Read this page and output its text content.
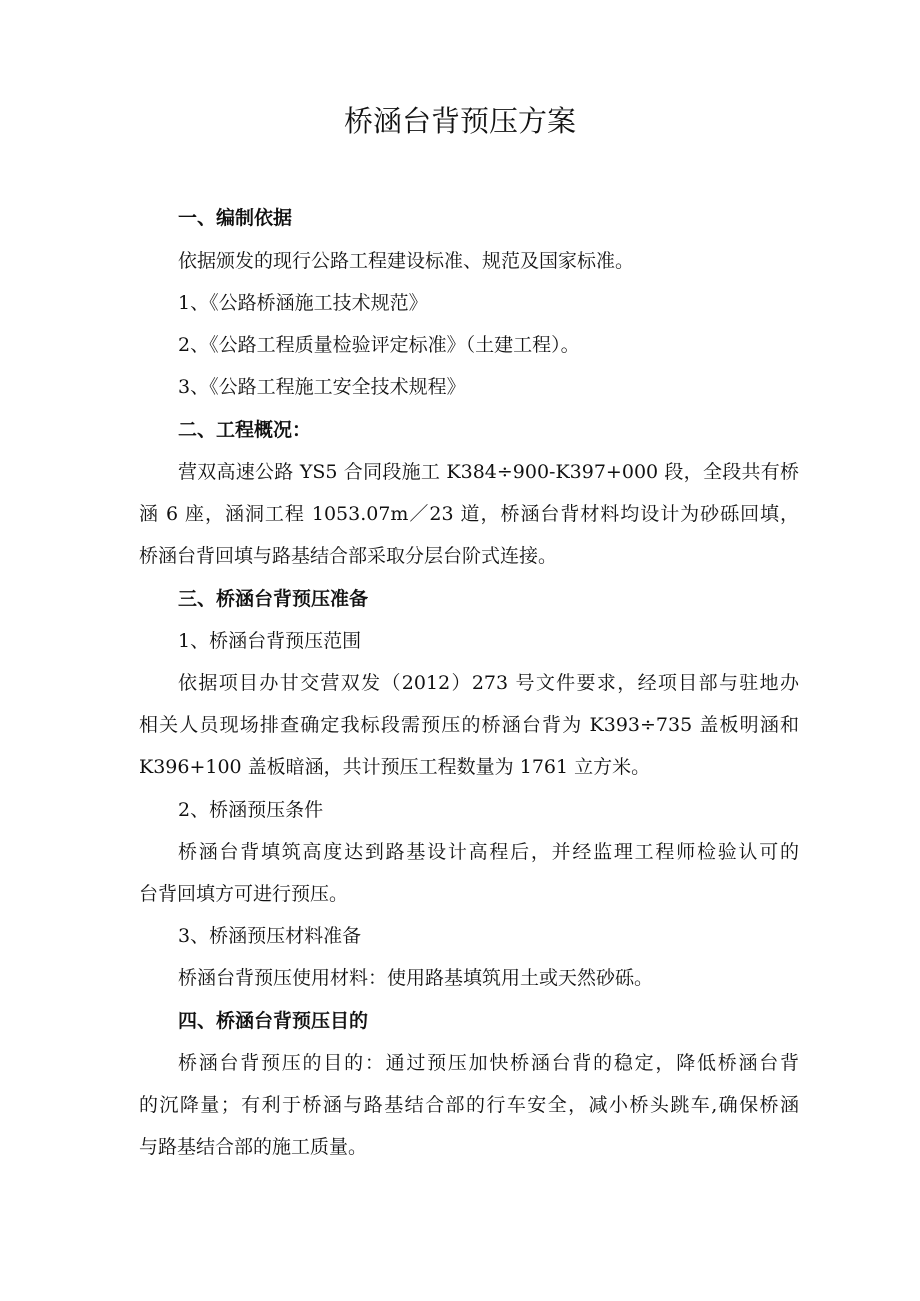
桥涵台背预压方案

一、编制依据

依据颁发的现行公路工程建设标准、规范及国家标准。

1、《公路桥涵施工技术规范》

2、《公路工程质量检验评定标准》（土建工程）。

3、《公路工程施工安全技术规程》

二、工程概况：

营双高速公路 YS5 合同段施工 K384÷900-K397+000 段，全段共有桥

涵 6 座，涵洞工程 1053.07m／23 道，桥涵台背材料均设计为砂砾回填，

桥涵台背回填与路基结合部采取分层台阶式连接。

三、桥涵台背预压准备

1、桥涵台背预压范围

依据项目办甘交营双发（2012）273 号文件要求，经项目部与驻地办

相关人员现场排查确定我标段需预压的桥涵台背为 K393÷735 盖板明涵和

K396+100 盖板暗涵，共计预压工程数量为 1761 立方米。

2、桥涵预压条件

桥涵台背填筑高度达到路基设计高程后，并经监理工程师检验认可的

台背回填方可进行预压。

3、桥涵预压材料准备

桥涵台背预压使用材料：使用路基填筑用土或天然砂砾。

四、桥涵台背预压目的

桥涵台背预压的目的：通过预压加快桥涵台背的稳定，降低桥涵台背

的沉降量；有利于桥涵与路基结合部的行车安全，减小桥头跳车,确保桥涵

与路基结合部的施工质量。
